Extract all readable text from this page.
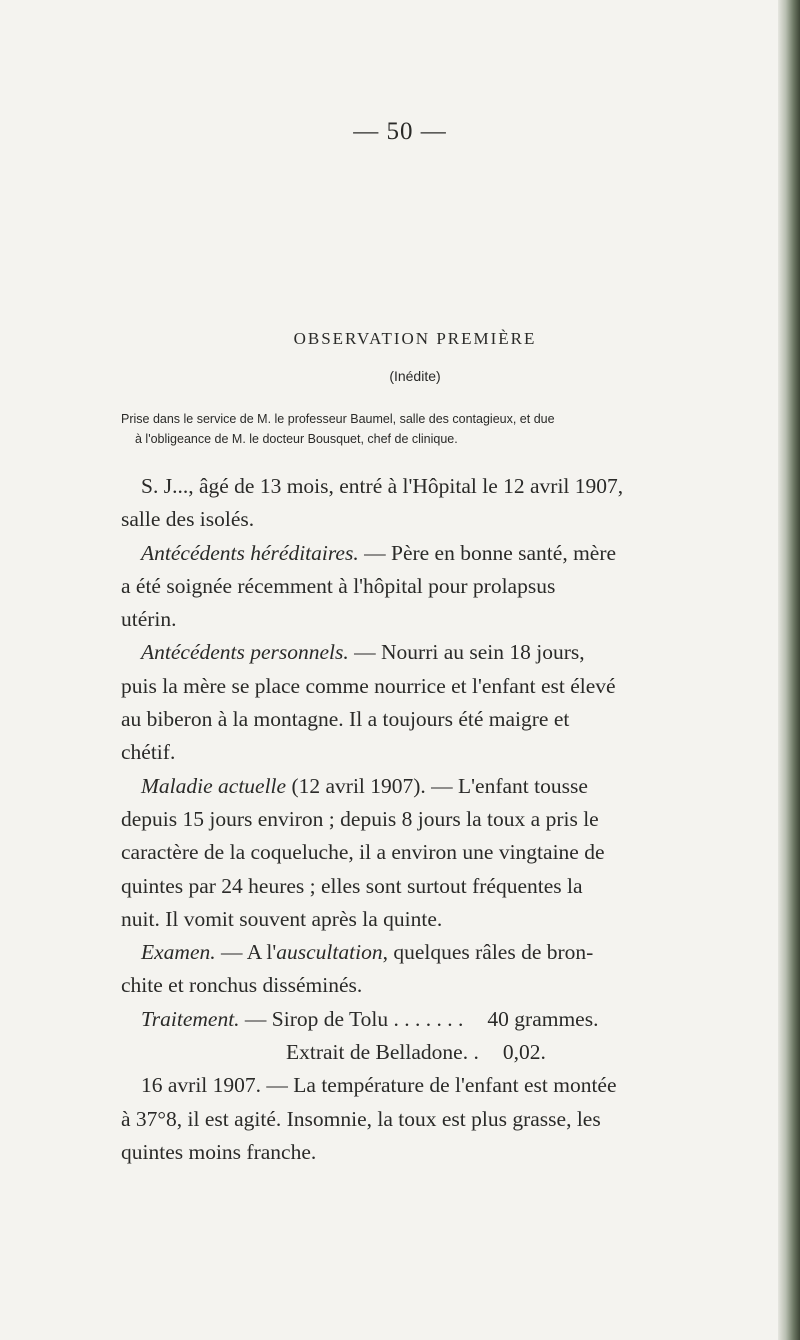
— 50 —
OBSERVATION PREMIÈRE
(Inédite)
Prise dans le service de M. le professeur Baumel, salle des contagieux, et due
à l'obligeance de M. le docteur Bousquet, chef de clinique.
S. J..., âgé de 13 mois, entré à l'Hôpital le 12 avril 1907,
salle des isolés.
Antécédents héréditaires. — Père en bonne santé, mère
a été soignée récemment à l'hôpital pour prolapsus
utérin.
Antécédents personnels. — Nourri au sein 18 jours,
puis la mère se place comme nourrice et l'enfant est élevé
au biberon à la montagne. Il a toujours été maigre et
chétif.
Maladie actuelle (12 avril 1907). — L'enfant tousse
depuis 15 jours environ ; depuis 8 jours la toux a pris le
caractère de la coqueluche, il a environ une vingtaine de
quintes par 24 heures ; elles sont surtout fréquentes la
nuit. Il vomit souvent après la quinte.
Examen. — A l'auscultation, quelques râles de bron-
chite et ronchus disséminés.
Traitement. — Sirop de Tolu . . . . . . . 40 grammes.
Extrait de Belladone. . 0,02.
16 avril 1907. — La température de l'enfant est montée
à 37°8, il est agité. Insomnie, la toux est plus grasse, les
quintes moins franche.
